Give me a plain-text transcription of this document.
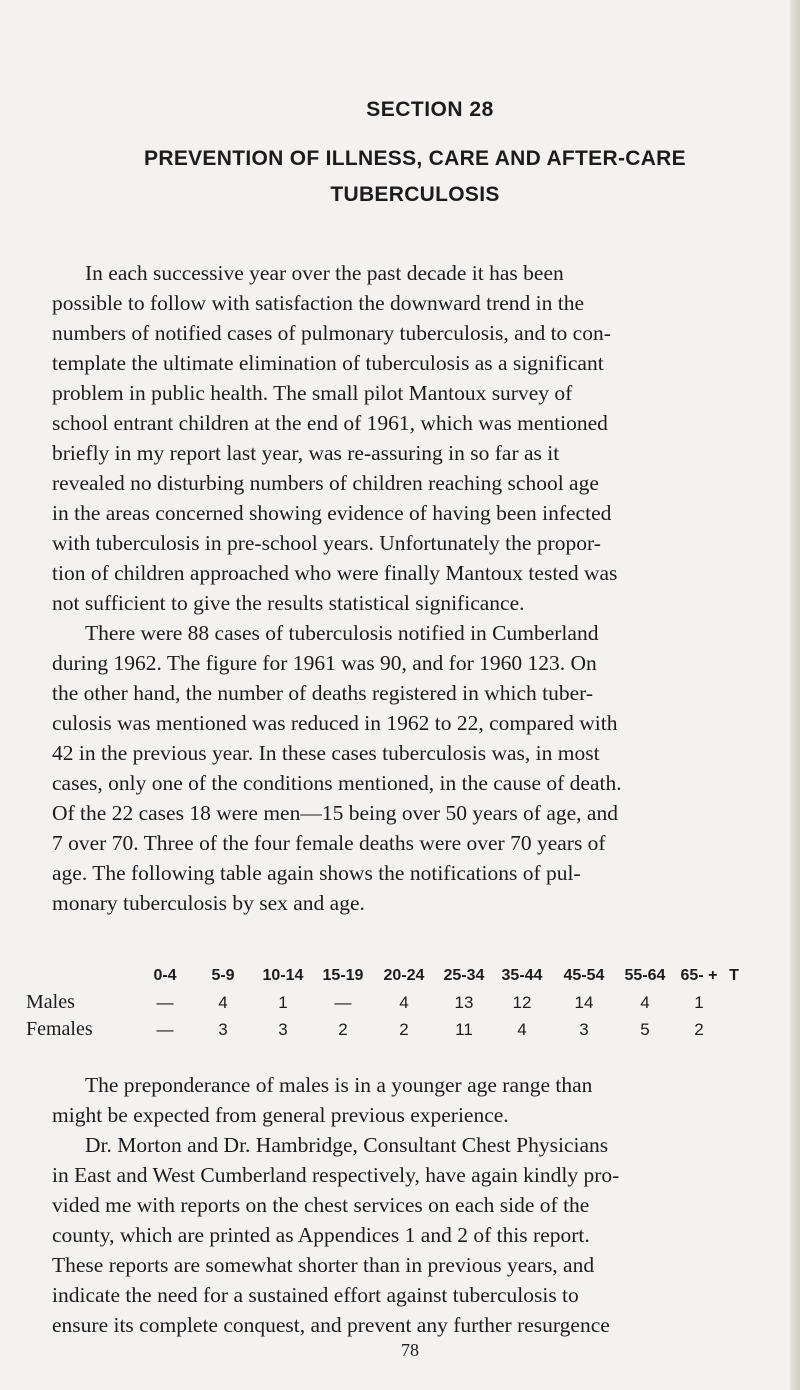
SECTION 28
PREVENTION OF ILLNESS, CARE AND AFTER-CARE
TUBERCULOSIS
In each successive year over the past decade it has been
possible to follow with satisfaction the downward trend in the
numbers of notified cases of pulmonary tuberculosis, and to con-
template the ultimate elimination of tuberculosis as a significant
problem in public health. The small pilot Mantoux survey of
school entrant children at the end of 1961, which was mentioned
briefly in my report last year, was re-assuring in so far as it
revealed no disturbing numbers of children reaching school age
in the areas concerned showing evidence of having been infected
with tuberculosis in pre-school years. Unfortunately the propor-
tion of children approached who were finally Mantoux tested was
not sufficient to give the results statistical significance.
There were 88 cases of tuberculosis notified in Cumberland
during 1962. The figure for 1961 was 90, and for 1960 123. On
the other hand, the number of deaths registered in which tuber-
culosis was mentioned was reduced in 1962 to 22, compared with
42 in the previous year. In these cases tuberculosis was, in most
cases, only one of the conditions mentioned, in the cause of death.
Of the 22 cases 18 were men—15 being over 50 years of age, and
7 over 70. Three of the four female deaths were over 70 years of
age. The following table again shows the notifications of pul-
monary tuberculosis by sex and age.
	0-4	5-9	10-14	15-19	20-24	25-34	35-44	45-54	55-64	65- +	T
Males	—	4	1	—	4	13	12	14	4	1	
Females	—	3	3	2	2	11	4	3	5	2	
The preponderance of males is in a younger age range than
might be expected from general previous experience.
Dr. Morton and Dr. Hambridge, Consultant Chest Physicians
in East and West Cumberland respectively, have again kindly pro-
vided me with reports on the chest services on each side of the
county, which are printed as Appendices 1 and 2 of this report.
These reports are somewhat shorter than in previous years, and
indicate the need for a sustained effort against tuberculosis to
ensure its complete conquest, and prevent any further resurgence
78
